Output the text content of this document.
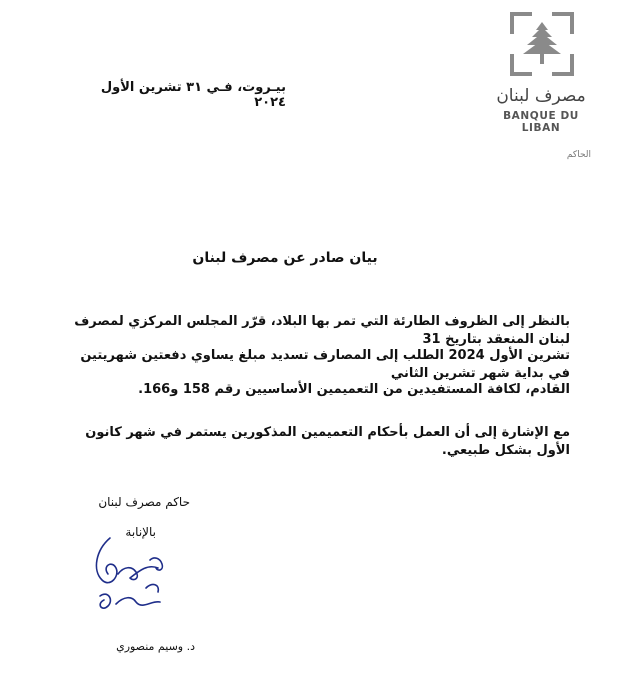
مصرف لبنان
BANQUE DU LIBAN
الحاكم
بيـروت، فـي ٣١ تشرين الأول ٢٠٢٤
بيان صادر عن مصرف لبنان
بالنظر إلى الظروف الطارئة التي تمر بها البلاد، قرّر المجلس المركزي لمصرف لبنان المنعقد بتاريخ 31
تشرين الأول 2024 الطلب إلى المصارف تسديد مبلغ يساوي دفعتين شهريتين في بداية شهر تشرين الثاني
القادم، لكافة المستفيدين من التعميمين الأساسيين رقم 158 و166.
مع الإشارة إلى أن العمل بأحكام التعميمين المذكورين يستمر في شهر كانون الأول بشكل طبيعي.
حاكم مصرف لبنان
بالإنابة
د. وسيم منصوري
